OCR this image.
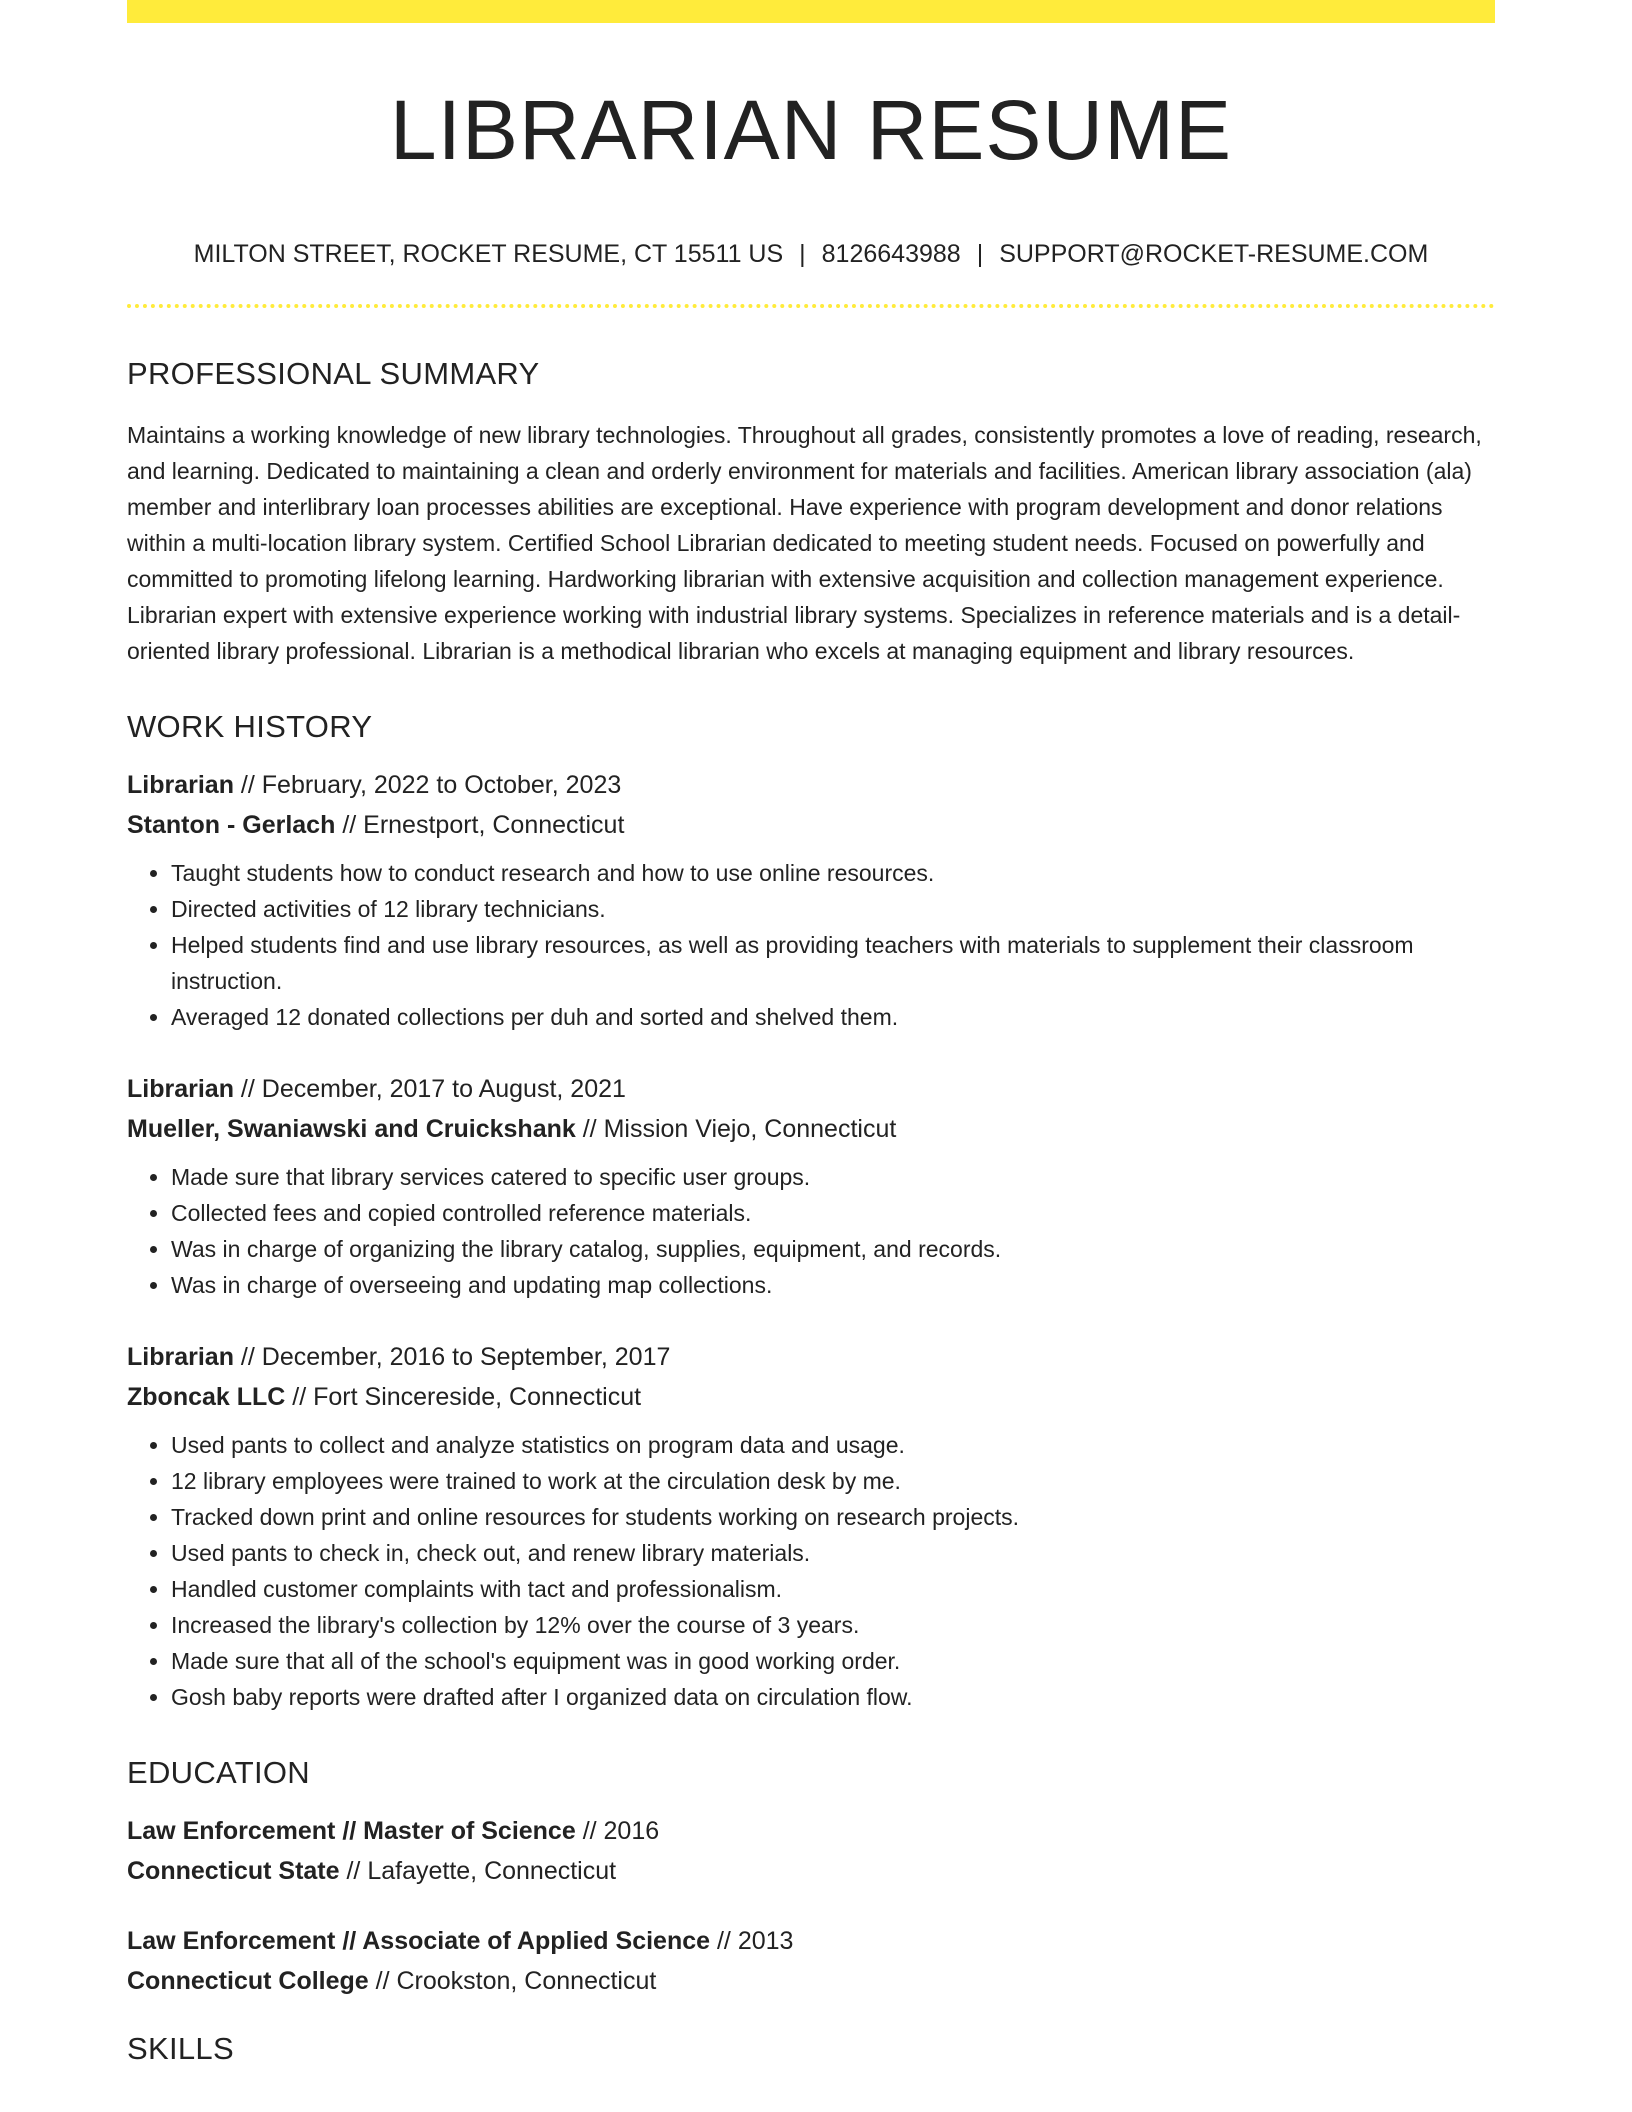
LIBRARIAN RESUME
MILTON STREET, ROCKET RESUME, CT 15511 US | 8126643988 | SUPPORT@ROCKET-RESUME.COM
PROFESSIONAL SUMMARY

Maintains a working knowledge of new library technologies. Throughout all grades, consistently promotes a love of reading, research, and learning. Dedicated to maintaining a clean and orderly environment for materials and facilities. American library association (ala) member and interlibrary loan processes abilities are exceptional. Have experience with program development and donor relations within a multi-location library system. Certified School Librarian dedicated to meeting student needs. Focused on powerfully and committed to promoting lifelong learning. Hardworking librarian with extensive acquisition and collection management experience. Librarian expert with extensive experience working with industrial library systems. Specializes in reference materials and is a detail-oriented library professional. Librarian is a methodical librarian who excels at managing equipment and library resources.

WORK HISTORY
Librarian // February, 2022 to October, 2023
Stanton - Gerlach // Ernestport, Connecticut
• Taught students how to conduct research and how to use online resources.
• Directed activities of 12 library technicians.
• Helped students find and use library resources, as well as providing teachers with materials to supplement their classroom instruction.
• Averaged 12 donated collections per duh and sorted and shelved them.
Librarian // December, 2017 to August, 2021
Mueller, Swaniawski and Cruickshank // Mission Viejo, Connecticut
• Made sure that library services catered to specific user groups.
• Collected fees and copied controlled reference materials.
• Was in charge of organizing the library catalog, supplies, equipment, and records.
• Was in charge of overseeing and updating map collections.
Librarian // December, 2016 to September, 2017
Zboncak LLC // Fort Sincereside, Connecticut
• Used pants to collect and analyze statistics on program data and usage.
• 12 library employees were trained to work at the circulation desk by me.
• Tracked down print and online resources for students working on research projects.
• Used pants to check in, check out, and renew library materials.
• Handled customer complaints with tact and professionalism.
• Increased the library's collection by 12% over the course of 3 years.
• Made sure that all of the school's equipment was in good working order.
• Gosh baby reports were drafted after I organized data on circulation flow.
EDUCATION
Law Enforcement // Master of Science // 2016
Connecticut State // Lafayette, Connecticut
Law Enforcement // Associate of Applied Science // 2013
Connecticut College // Crookston, Connecticut
SKILLS
